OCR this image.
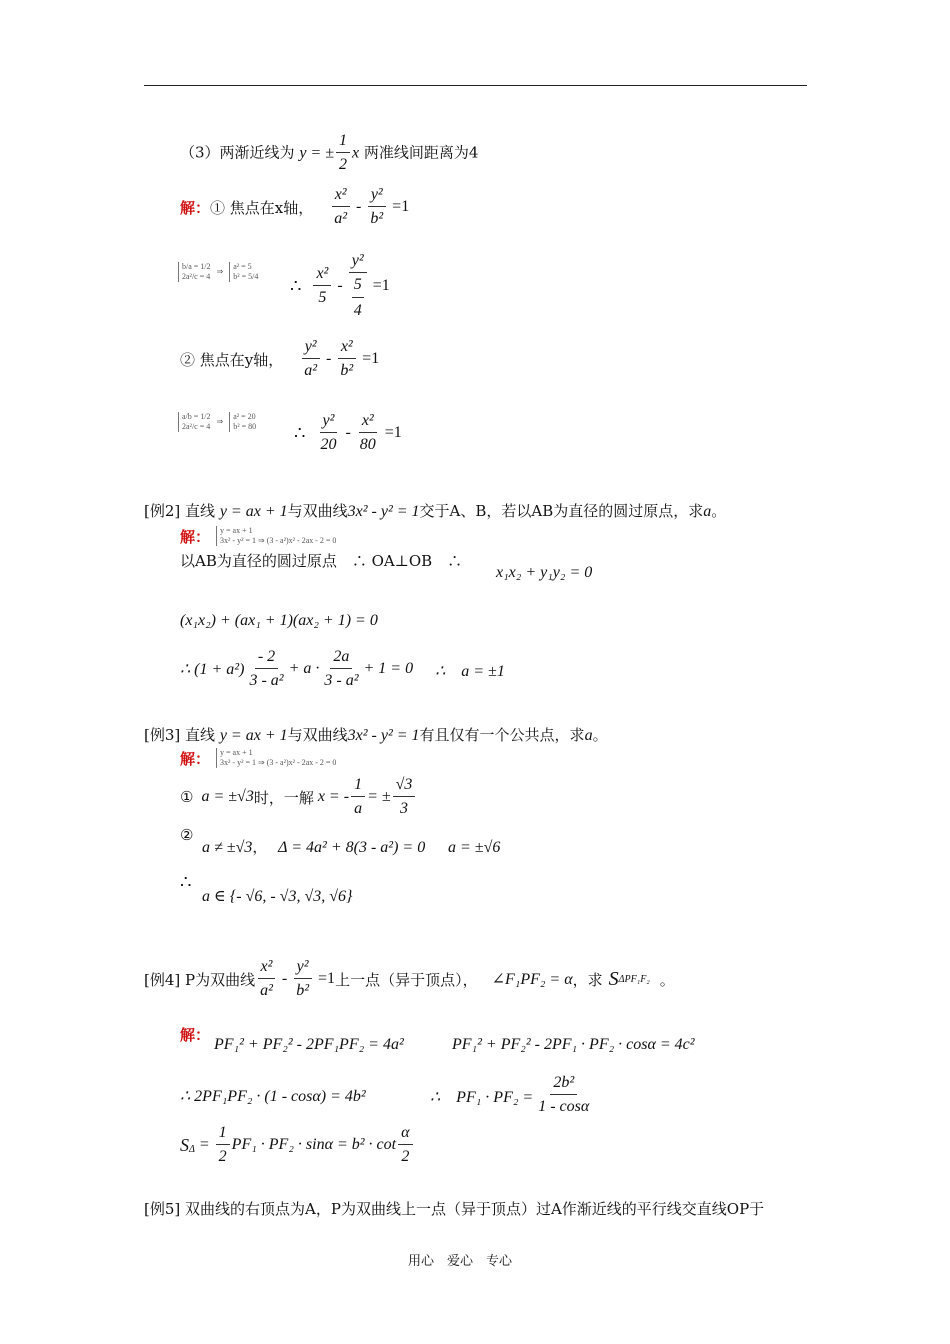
（3）两渐近线为 y = ± $\frac{1}{2}$ x 两准线间距离为4
解： ① 焦点在x轴， $\frac{\text{x²}}{\text{a²}} - \frac{\text{y²}}{\text{b²}} =1$
b/a = 1/2
2a²/c = 4
⇒
a² = 5
b² = 5/4 ∴ $\frac{\text{x²}}{5} - y^2$
5
4 =1
② 焦点在y轴， $\frac{\text{y²}}{\text{a²}} - \frac{\text{x²}}{\text{b²}} =1$
a/b = 1/2
2a²/c = 4
⇒
a² = 20
b² = 80 ∴ $\frac{\text{y²}}{20} - \frac{\text{x²}}{80} =1$
[例2] 直线 y = ax + 1与双曲线3x² - y² = 1交于A、B，若以AB为直径的圆过原点，求a。
解：	y = ax + 1
3x² - y² = 1 ⇒ (3 - a²)x² - 2ax - 2 = 0
以AB为直径的圆过原点　∴ OA⊥OB　∴
x₁x₂ + y₁y₂ = 0
(x₁x₂) + (ax₁ + 1)(ax₂ + 1) = 0
∴ $(1 + a^2) \frac{- 2}{\text{3 - a²}} + a \cdot \frac{2a}{\text{3 - a²}} + 1 = 0$ ∴　a = ±1
[例3] 直线 y = ax + 1与双曲线3x² - y² = 1有且仅有一个公共点，求a。
解：	y = ax + 1
3x² - y² = 1 ⇒ (3 - a²)x² - 2ax - 2 = 0
① a = ±√3 时，一解 x = - $\frac{1}{a}$ = ± $\frac{√3}{3}$
②
a ≠ ±√3， Δ = 4a² + 8(3 - a²) = 0 a = ±√6
∴
a ∈ {- √6, - √3, √3, √6}
[例4] P为双曲线 $\frac{\text{x²}}{\text{a²}} - \frac{\text{y²}}{\text{b²}} =1$ 上一点（异于顶点）， ∠F₁PF₂ = α ，求 S ΔPF₁F₂ 。
解：
PF₁² + PF₂² - 2PF₁PF₂ = 4a²	PF₁² + PF₂² - 2PF₁ · PF₂ · cosα = 4c²
∴ 2PF₁PF₂ · (1 - cosα) = 4b²	∴　$PF_1 \cdot PF_2 = \frac{\text{2b²}}{1 - \cos\alpha}$
S $\Delta = \frac{1}{2} PF_1 \cdot PF_2 \cdot \sin\alpha = b^2 \cdot \cot \frac{\alpha}{2}$
[例5] 双曲线的右顶点为A，P为双曲线上一点（异于顶点）过A作渐近线的平行线交直线OP于
用心　爱心　专心
